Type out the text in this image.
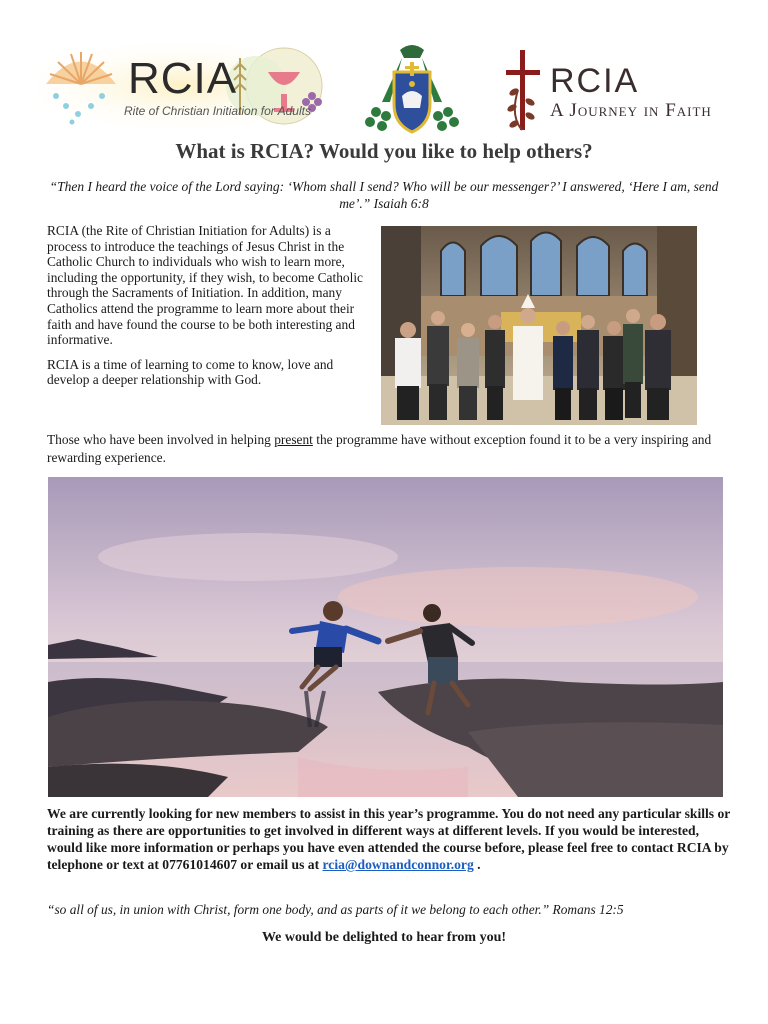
RCIA
Rite of Christian Initiation for Adults
RCIA
A Journey in Faith
What is RCIA? Would you like to help others?

“Then I heard the voice of the Lord saying: ‘Whom shall I send? Who will be our messenger?’ I answered, ‘Here I am, send me’.” Isaiah 6:8

RCIA (the Rite of Christian Initiation for Adults) is a process to introduce the teachings of Jesus Christ in the Catholic Church to individuals who wish to learn more, including the opportunity, if they wish, to become Catholic through the Sacraments of Initiation. In addition, many Catholics attend the programme to learn more about their faith and have found the course to be both interesting and informative.

RCIA is a time of learning to come to know, love and develop a deeper relationship with God.

Those who have been involved in helping present the programme have without exception found it to be a very inspiring and rewarding experience.

We are currently looking for new members to assist in this year’s programme. You do not need any particular skills or training as there are opportunities to get involved in different ways at different levels. If you would be interested, would like more information or perhaps you have even attended the course before, please feel free to contact RCIA by telephone or text at 07761014607 or email us at rcia@downandconnor.org .

“so all of us, in union with Christ, form one body, and as parts of it we belong to each other.” Romans 12:5

We would be delighted to hear from you!
